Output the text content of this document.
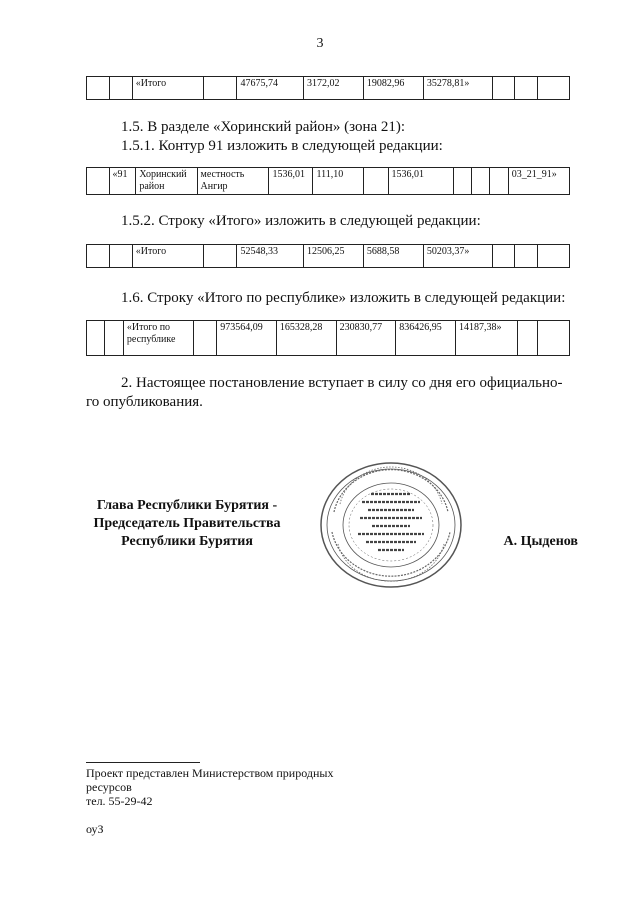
3
		«Итого		47675,74	3172,02	19082,96	35278,81»			
1.5. В разделе «Хоринский район» (зона 21):
1.5.1. Контур 91 изложить в следующей редакции:
	«91	Хоринский район	местность Ангир	1536,01	111,10		1536,01				03_21_91»
1.5.2. Строку «Итого» изложить в следующей редакции:
		«Итого		52548,33	12506,25	5688,58	50203,37»			
1.6. Строку «Итого по республике» изложить в следующей редакции:
		«Итого по республике		973564,09	165328,28	230830,77	836426,95	14187,38»		
2. Настоящее постановление вступает в силу со дня его официально-
го опубликования.
Глава Республики Бурятия -
Председатель Правительства
Республики Бурятия	А. Цыденов
Проект представлен Министерством природных
ресурсов
тел. 55-29-42
оуЗ
